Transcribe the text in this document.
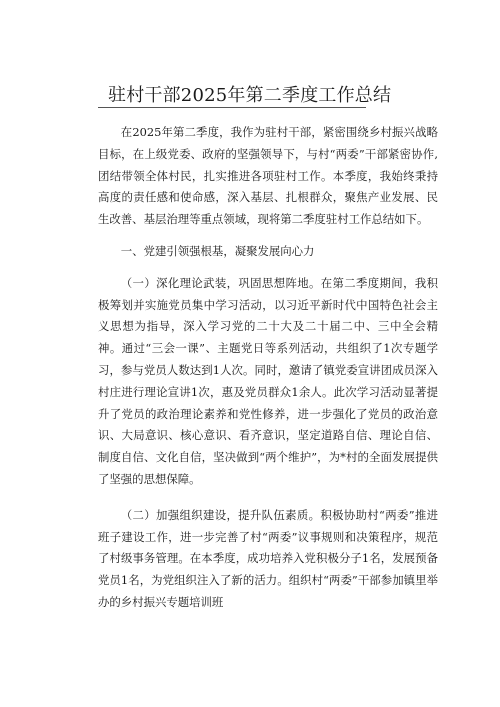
驻村干部2025年第二季度工作总结

在2025年第二季度，我作为驻村干部，紧密围绕乡村振兴战略目标，在上级党委、政府的坚强领导下，与村“两委”干部紧密协作,团结带领全体村民，扎实推进各项驻村工作。本季度，我始终秉持高度的责任感和使命感，深入基层、扎根群众，聚焦产业发展、民生改善、基层治理等重点领域，现将第二季度驻村工作总结如下。

一、党建引领强根基，凝聚发展向心力

（一）深化理论武装，巩固思想阵地。在第二季度期间，我积极筹划并实施党员集中学习活动，以习近平新时代中国特色社会主义思想为指导，深入学习党的二十大及二十届二中、三中全会精神。通过“三会一课”、主题党日等系列活动，共组织了1次专题学习，参与党员人数达到1人次。同时，邀请了镇党委宣讲团成员深入村庄进行理论宣讲1次，惠及党员群众1余人。此次学习活动显著提升了党员的政治理论素养和党性修养，进一步强化了党员的政治意识、大局意识、核心意识、看齐意识，坚定道路自信、理论自信、制度自信、文化自信，坚决做到“两个维护”，为*村的全面发展提供了坚强的思想保障。

（二）加强组织建设，提升队伍素质。积极协助村“两委”推进班子建设工作，进一步完善了村“两委”议事规则和决策程序，规范了村级事务管理。在本季度，成功培养入党积极分子1名，发展预备党员1名，为党组织注入了新的活力。组织村“两委”干部参加镇里举办的乡村振兴专题培训班
